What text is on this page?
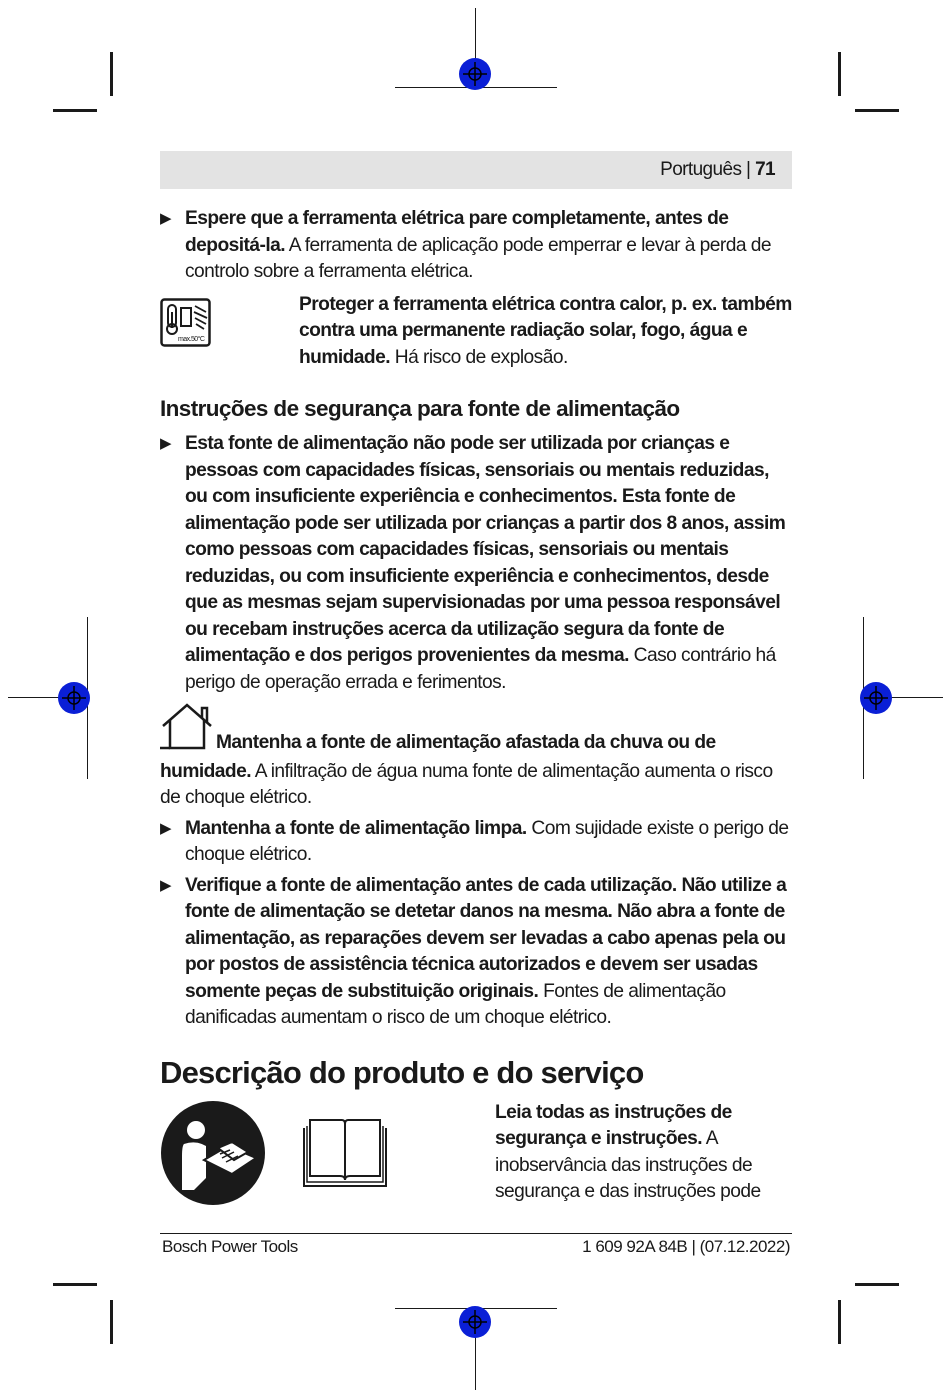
Português | 71

▶ Espere que a ferramenta elétrica pare completamente, antes de depositá-la. A ferramenta de aplicação pode emperrar e levar à perda de controlo sobre a ferramenta elétrica.

max.50°C
Proteger a ferramenta elétrica contra calor, p. ex. também contra uma permanente radiação solar, fogo, água e humidade. Há risco de explosão.
Instruções de segurança para fonte de alimentação

▶ Esta fonte de alimentação não pode ser utilizada por crianças e pessoas com capacidades físicas, sensoriais ou mentais reduzidas, ou com insuficiente experiência e conhecimentos. Esta fonte de alimentação pode ser utilizada por crianças a partir dos 8 anos, assim como pessoas com capacidades físicas, sensoriais ou mentais reduzidas, ou com insuficiente experiência e conhecimentos, desde que as mesmas sejam supervisionadas por uma pessoa responsável ou recebam instruções acerca da utilização segura da fonte de alimentação e dos perigos provenientes da mesma. Caso contrário há perigo de operação errada e ferimentos.

Mantenha a fonte de alimentação afastada da chuva ou de humidade. A infiltração de água numa fonte de alimentação aumenta o risco de choque elétrico.

▶ Mantenha a fonte de alimentação limpa. Com sujidade existe o perigo de choque elétrico.

▶ Verifique a fonte de alimentação antes de cada utilização. Não utilize a fonte de alimentação se detetar danos na mesma. Não abra a fonte de alimentação, as reparações devem ser levadas a cabo apenas pela ou por postos de assistência técnica autorizados e devem ser usadas somente peças de substituição originais. Fontes de alimentação danificadas aumentam o risco de um choque elétrico.

Descrição do produto e do serviço
Leia todas as instruções de segurança e instruções. A inobservância das instruções de segurança e das instruções pode
Bosch Power Tools	1 609 92A 84B | (07.12.2022)
